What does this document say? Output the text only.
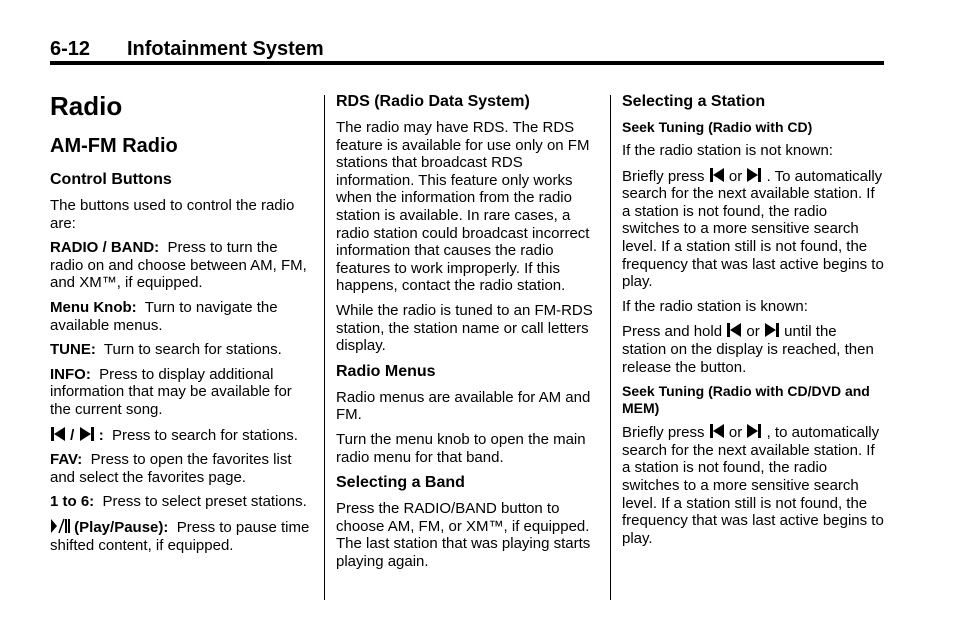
6-12 Infotainment System
Radio
AM-FM Radio
Control Buttons

The buttons used to control the radio are:

RADIO / BAND: Press to turn the radio on and choose between AM, FM, and XM™, if equipped.

Menu Knob: Turn to navigate the available menus.

TUNE: Turn to search for stations.

INFO: Press to display additional information that may be available for the current song.

/ : Press to search for stations.

FAV: Press to open the favorites list and select the favorites page.

1 to 6: Press to select preset stations.

(Play/Pause): Press to pause time shifted content, if equipped.

RDS (Radio Data System)

The radio may have RDS. The RDS feature is available for use only on FM stations that broadcast RDS information. This feature only works when the information from the radio station is available. In rare cases, a radio station could broadcast incorrect information that causes the radio features to work improperly. If this happens, contact the radio station.

While the radio is tuned to an FM-RDS station, the station name or call letters display.

Radio Menus

Radio menus are available for AM and FM.

Turn the menu knob to open the main radio menu for that band.

Selecting a Band

Press the RADIO/BAND button to choose AM, FM, or XM™, if equipped. The last station that was playing starts playing again.

Selecting a Station
Seek Tuning (Radio with CD)

If the radio station is not known:

Briefly press or . To automatically search for the next available station. If a station is not found, the radio switches to a more sensitive search level. If a station still is not found, the frequency that was last active begins to play.

If the radio station is known:

Press and hold or until the station on the display is reached, then release the button.

Seek Tuning (Radio with CD/DVD and MEM)

Briefly press or , to automatically search for the next available station. If a station is not found, the radio switches to a more sensitive search level. If a station still is not found, the frequency that was last active begins to play.
